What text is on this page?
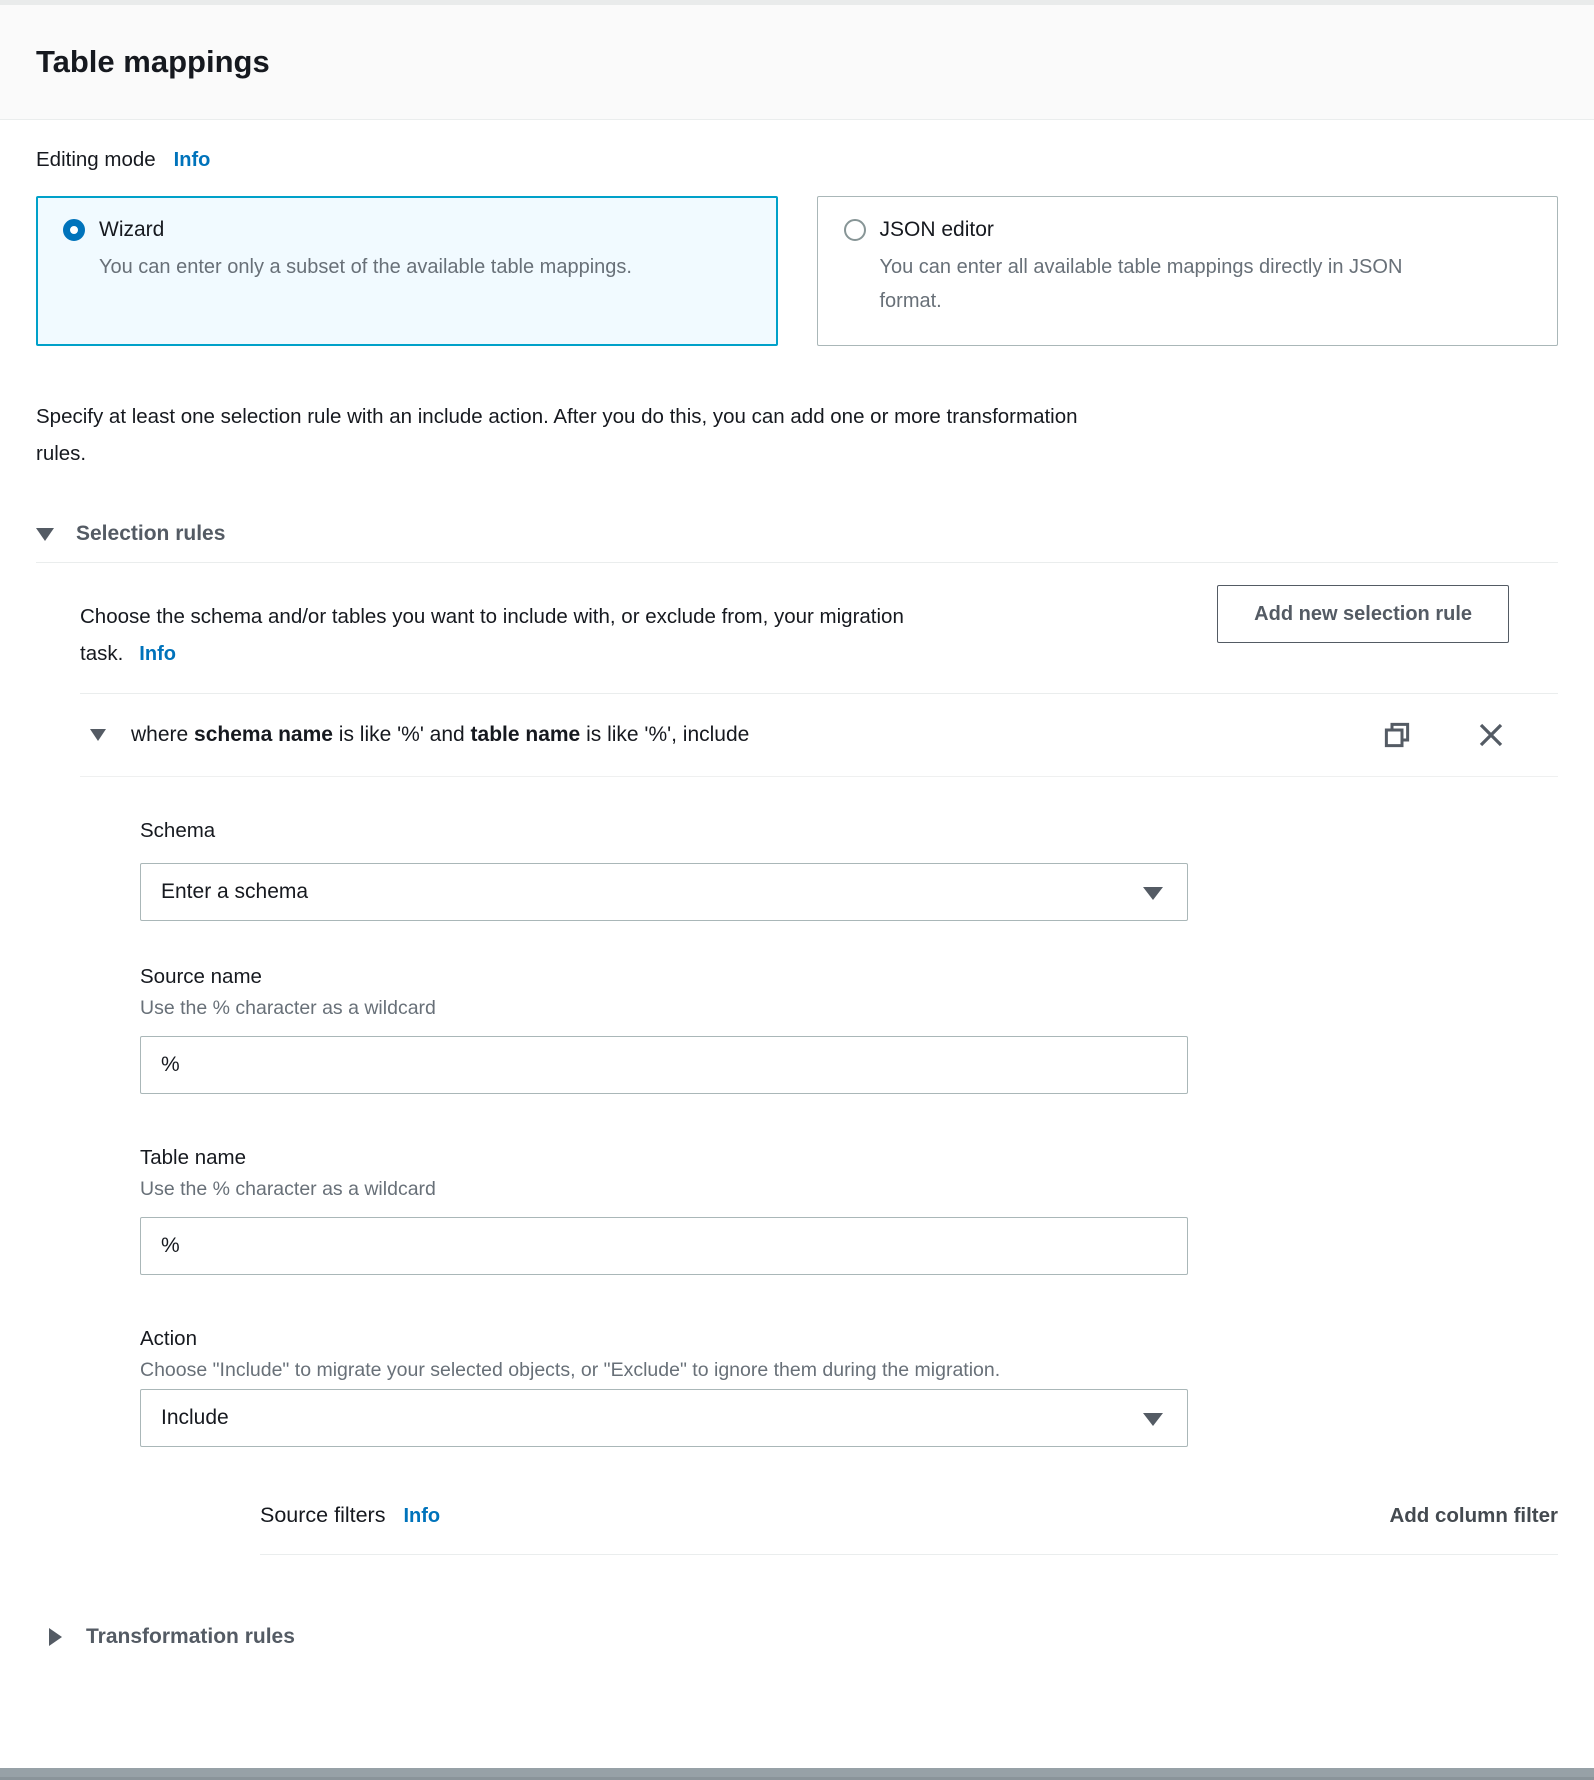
Table mappings
Editing mode Info
Wizard
You can enter only a subset of the available table mappings.
JSON editor
You can enter all available table mappings directly in JSON format.

Specify at least one selection rule with an include action. After you do this, you can add one or more transformation
rules.

Selection rules
Choose the schema and/or tables you want to include with, or exclude from, your migration task. Info
Add new selection rule
where schema name is like '%' and table name is like '%', include
Schema
Enter a schema
Source name
Use the % character as a wildcard
%
Table name
Use the % character as a wildcard
%
Action
Choose "Include" to migrate your selected objects, or "Exclude" to ignore them during the migration.
Include
Source filters Info	Add column filter
Transformation rules
